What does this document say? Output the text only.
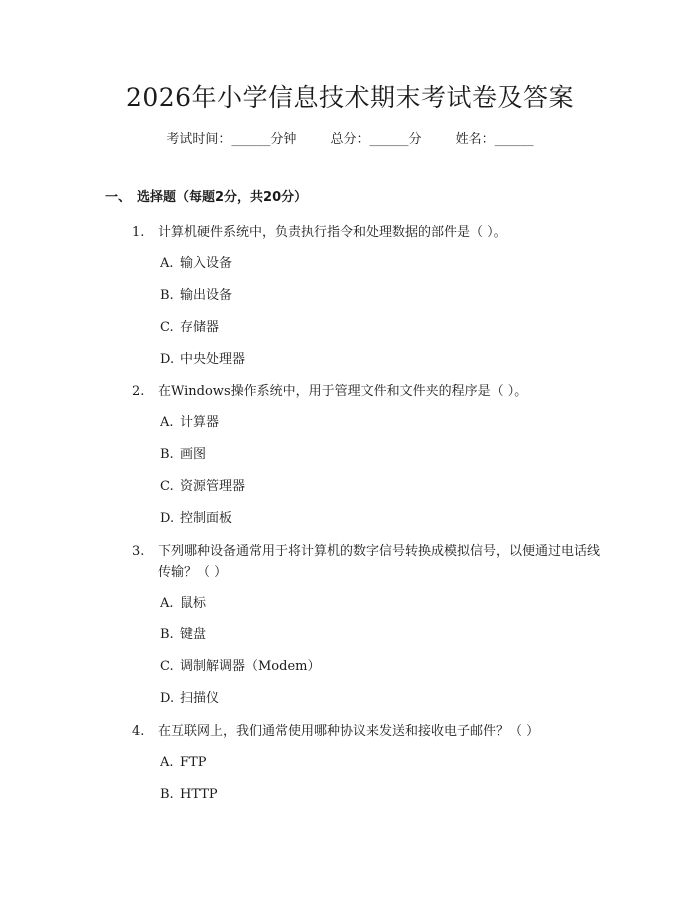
2026年小学信息技术期末考试卷及答案
考试时间：______分钟	总分：______分	姓名：______
一、 选择题（每题2分，共20分）
1.	计算机硬件系统中，负责执行指令和处理数据的部件是（ ）。
A. 输入设备
B. 输出设备
C. 存储器
D. 中央处理器
2.	在Windows操作系统中，用于管理文件和文件夹的程序是（ ）。
A. 计算器
B. 画图
C. 资源管理器
D. 控制面板
3.	下列哪种设备通常用于将计算机的数字信号转换成模拟信号，以便通过电话线传输？（ ）
A. 鼠标
B. 键盘
C. 调制解调器（Modem）
D. 扫描仪
4.	在互联网上，我们通常使用哪种协议来发送和接收电子邮件？（ ）
A. FTP
B. HTTP
